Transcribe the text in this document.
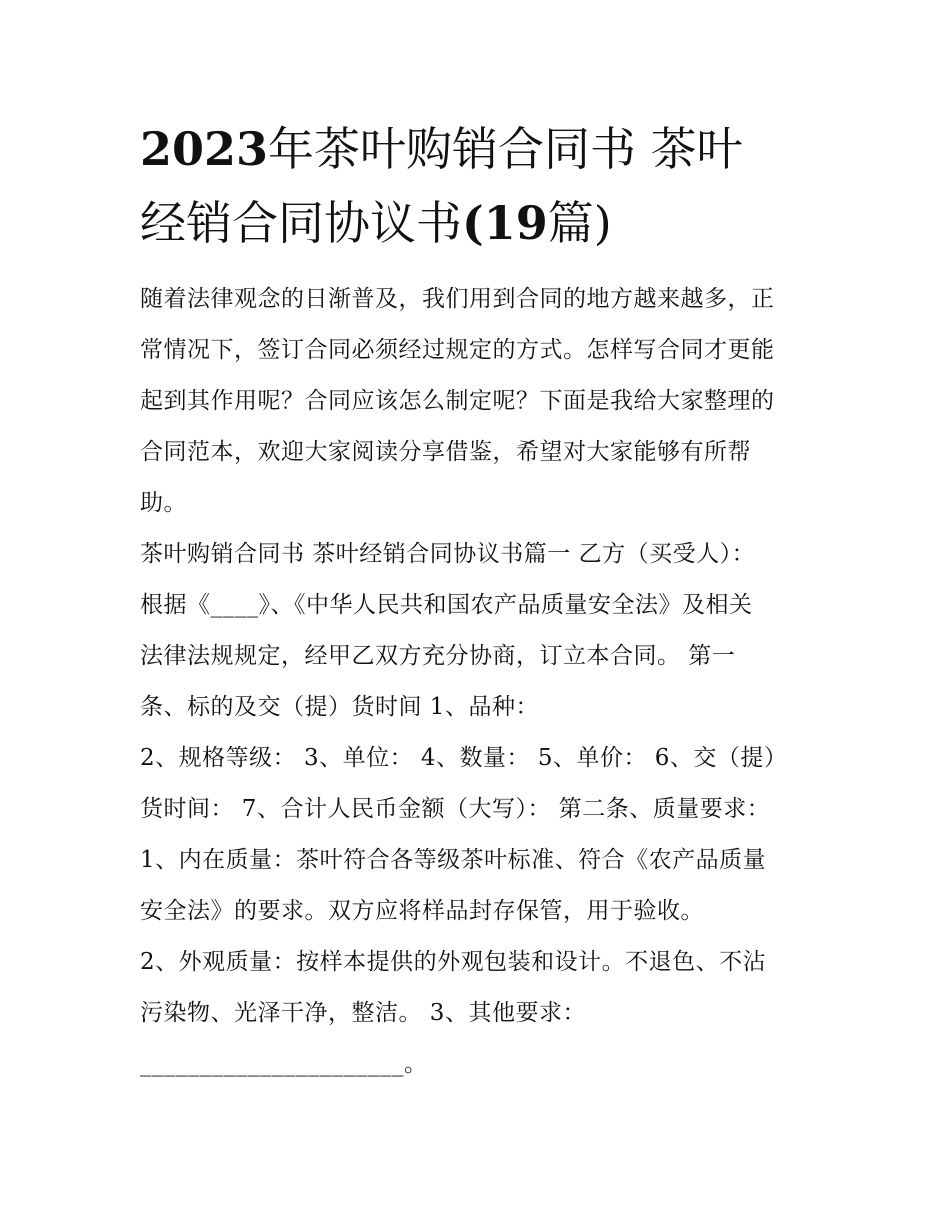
2023年茶叶购销合同书 茶叶
经销合同协议书(19篇)

随着法律观念的日渐普及，我们用到合同的地方越来越多，正
常情况下，签订合同必须经过规定的方式。怎样写合同才更能
起到其作用呢？合同应该怎么制定呢？下面是我给大家整理的
合同范本，欢迎大家阅读分享借鉴，希望对大家能够有所帮
助。

茶叶购销合同书 茶叶经销合同协议书篇一 乙方（买受人）：
根据《____》、《中华人民共和国农产品质量安全法》及相关
法律法规规定，经甲乙双方充分协商，订立本合同。 第一
条、标的及交（提）货时间 1、品种：
2、规格等级： 3、单位： 4、数量： 5、单价： 6、交（提）
货时间： 7、合计人民币金额（大写）： 第二条、质量要求：
1、内在质量：茶叶符合各等级茶叶标准、符合《农产品质量
安全法》的要求。双方应将样品封存保管，用于验收。
2、外观质量：按样本提供的外观包装和设计。不退色、不沾
污染物、光泽干净，整洁。 3、其他要求：
______________________。
